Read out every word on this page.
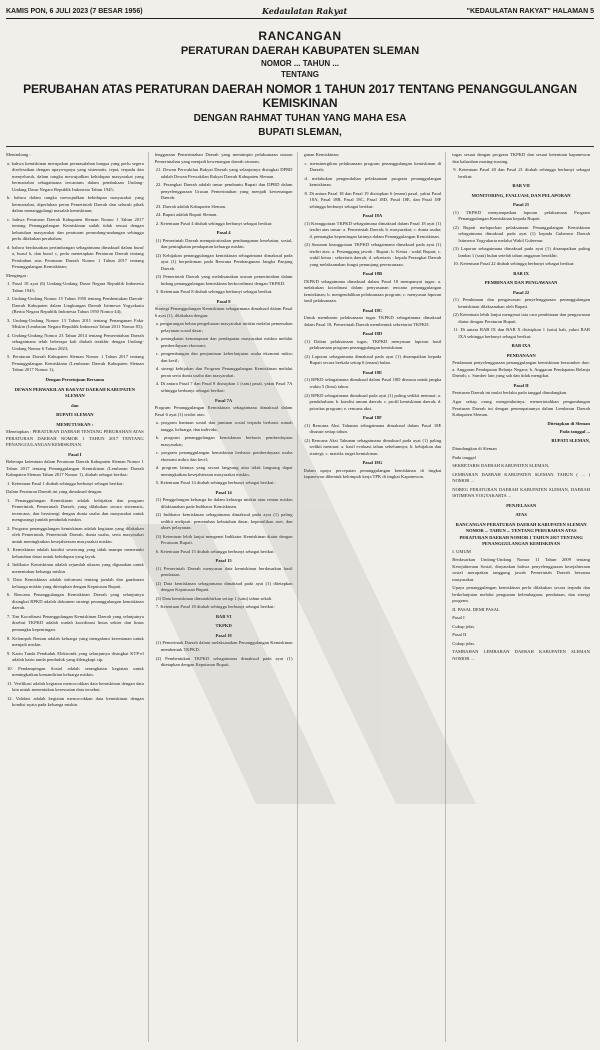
KAMIS PON, 6 JULI 2023 (7 BESAR 1956)	Kedaulatan Rakyat	"KEDAULATAN RAKYAT" HALAMAN 5
RANCANGAN
PERATURAN DAERAH KABUPATEN SLEMAN
NOMOR ... TAHUN ...
TENTANG
PERUBAHAN ATAS PERATURAN DAERAH NOMOR 1 TAHUN 2017 TENTANG PENANGGULANGAN KEMISKINAN
DENGAN RAHMAT TUHAN YANG MAHA ESA
BUPATI SLEMAN,

Menimbang :

a. bahwa kemiskinan merupakan permasalahan bangsa yang perlu segera diselesaikan dengan upaya-upaya yang sistematis, tepat, terpadu dan menyeluruh, dalam rangka mewujudkan kehidupan masyarakat yang bermartabat sebagaimana tercantum dalam pembukaan Undang-Undang Dasar Negara Republik Indonesia Tahun 1945;

b. bahwa dalam rangka mewujudkan kehidupan masyarakat yang bermartabat, diperlukan peran Pemerintah Daerah dan seluruh pihak dalam menanggulangi masalah kemiskinan;

c. bahwa Peraturan Daerah Kabupaten Sleman Nomor 1 Tahun 2017 tentang Penanggulangan Kemiskinan sudah tidak sesuai dengan kebutuhan masyarakat dan peraturan perundang-undangan sehingga perlu dilakukan perubahan;

d. bahwa berdasarkan pertimbangan sebagaimana dimaksud dalam huruf a, huruf b, dan huruf c, perlu menetapkan Peraturan Daerah tentang Perubahan atas Peraturan Daerah Nomor 1 Tahun 2017 tentang Penanggulangan Kemiskinan;

Mengingat :

1. Pasal 18 ayat (6) Undang-Undang Dasar Negara Republik Indonesia Tahun 1945;

2. Undang-Undang Nomor 15 Tahun 1950 tentang Pembentukan Daerah-Daerah Kabupaten dalam Lingkungan Daerah Istimewa Yogyakarta (Berita Negara Republik Indonesia Tahun 1950 Nomor 44);

3. Undang-Undang Nomor 13 Tahun 2011 tentang Penanganan Fakir Miskin (Lembaran Negara Republik Indonesia Tahun 2011 Nomor 83);

4. Undang-Undang Nomor 23 Tahun 2014 tentang Pemerintahan Daerah sebagaimana telah beberapa kali diubah terakhir dengan Undang-Undang Nomor 6 Tahun 2023;

5. Peraturan Daerah Kabupaten Sleman Nomor 1 Tahun 2017 tentang Penanggulangan Kemiskinan (Lembaran Daerah Kabupaten Sleman Tahun 2017 Nomor 1);

Dengan Persetujuan Bersama

DEWAN PERWAKILAN RAKYAT DAERAH KABUPATEN SLEMAN

dan

BUPATI SLEMAN

MEMUTUSKAN :

Menetapkan : PERATURAN DAERAH TENTANG PERUBAHAN ATAS PERATURAN DAERAH NOMOR 1 TAHUN 2017 TENTANG PENANGGULANGAN KEMISKINAN.

Pasal I

Beberapa ketentuan dalam Peraturan Daerah Kabupaten Sleman Nomor 1 Tahun 2017 tentang Penanggulangan Kemiskinan (Lembaran Daerah Kabupaten Sleman Tahun 2017 Nomor 1), diubah sebagai berikut:

1. Ketentuan Pasal 1 diubah sehingga berbunyi sebagai berikut:

Dalam Peraturan Daerah ini yang dimaksud dengan:

1. Penanggulangan Kemiskinan adalah kebijakan dan program Pemerintah, Pemerintah Daerah, yang dilakukan secara sistematis, terencana, dan bersinergi dengan dunia usaha dan masyarakat untuk mengurangi jumlah penduduk miskin.

2. Program penanggulangan kemiskinan adalah kegiatan yang dilakukan oleh Pemerintah, Pemerintah Daerah, dunia usaha, serta masyarakat untuk meningkatkan kesejahteraan masyarakat miskin.

3. Kemiskinan adalah kondisi seseorang yang tidak mampu memenuhi kebutuhan dasar untuk kehidupan yang layak.

4. Indikator Kemiskinan adalah sejumlah ukuran yang digunakan untuk menentukan keluarga miskin.

5. Data Kemiskinan adalah informasi tentang jumlah dan gambaran keluarga miskin yang ditetapkan dengan Keputusan Bupati.

6. Rencana Penanggulangan Kemiskinan Daerah yang selanjutnya disingkat RPKD adalah dokumen strategi penanggulangan kemiskinan daerah.

7. Tim Koordinasi Penanggulangan Kemiskinan Daerah yang selanjutnya disebut TKPKD adalah wadah koordinasi lintas sektor dan lintas pemangku kepentingan.

8. Kelompok Rentan adalah keluarga yang mengalami kerentanan untuk menjadi miskin.

9. Kartu Tanda Penduduk Elektronik yang selanjutnya disingkat KTP-el adalah kartu tanda penduduk yang dilengkapi cip.

10. Pendampingan Sosial adalah serangkaian kegiatan untuk meningkatkan kemandirian keluarga miskin.

11. Verifikasi adalah kegiatan mencocokkan data kemiskinan dengan data lain untuk menentukan kesesuaian data tersebut.

12. Validasi adalah kegiatan mencocokkan data kemiskinan dengan kondisi nyata pada keluarga miskin.

lenggaraan Pemerintahan Daerah yang memimpin pelaksanaan urusan Pemerintahan yang menjadi kewenangan daerah otonom.

21. Dewan Perwakilan Rakyat Daerah yang selanjutnya disingkat DPRD adalah Dewan Perwakilan Rakyat Daerah Kabupaten Sleman.

22. Perangkat Daerah adalah unsur pembantu Bupati dan DPRD dalam penyelenggaraan Urusan Pemerintahan yang menjadi kewenangan Daerah.

23. Daerah adalah Kabupaten Sleman.

24. Bupati adalah Bupati Sleman.

2. Ketentuan Pasal 4 diubah sehingga berbunyi sebagai berikut:

Pasal 4

(1) Pemerintah Daerah memprioritaskan pembangunan kesehatan, sosial, dan peningkatan pendapatan keluarga miskin.

(2) Kebijakan penanggulangan kemiskinan sebagaimana dimaksud pada ayat (1) berpedoman pada Rencana Pembangunan Jangka Panjang Daerah.

(3) Pemerintah Daerah yang melaksanakan urusan pemerintahan dalam bidang penanggulangan kemiskinan berkoordinasi dengan TKPKD.

3. Ketentuan Pasal 8 diubah sehingga berbunyi sebagai berikut:

Pasal 8

Strategi Penanggulangan Kemiskinan sebagaimana dimaksud dalam Pasal 6 ayat (1), dilakukan dengan:

a. pengurangan beban pengeluaran masyarakat miskin melalui pemenuhan pelayanan sosial dasar;

b. peningkatan kemampuan dan pendapatan masyarakat miskin melalui pemberdayaan ekonomi;

c. pengembangan dan penjaminan keberlanjutan usaha ekonomi mikro dan kecil;

d. sinergi kebijakan dan Program Penanggulangan Kemiskinan melalui peran serta dunia usaha dan masyarakat.

4. Di antara Pasal 7 dan Pasal 8 disisipkan 1 (satu) pasal, yakni Pasal 7A sehingga berbunyi sebagai berikut:

Pasal 7A

Program Penanggulangan Kemiskinan sebagaimana dimaksud dalam Pasal 6 ayat (1) terdiri atas:

a. program bantuan sosial dan jaminan sosial terpadu berbasis rumah tangga, keluarga, dan individu;

b. program penanggulangan kemiskinan berbasis pemberdayaan masyarakat;

c. program penanggulangan kemiskinan berbasis pemberdayaan usaha ekonomi mikro dan kecil;

d. program lainnya yang secara langsung atau tidak langsung dapat meningkatkan kesejahteraan masyarakat miskin.

5. Ketentuan Pasal 14 diubah sehingga berbunyi sebagai berikut:

Pasal 14

(1) Penggolongan keluarga ke dalam keluarga miskin atau rentan miskin dilaksanakan pada Indikator Kemiskinan.

(2) Indikator kemiskinan sebagaimana dimaksud pada ayat (1) paling sedikit meliputi: pemenuhan kebutuhan dasar, kepemilikan aset, dan akses pelayanan.

(3) Ketentuan lebih lanjut mengenai Indikator Kemiskinan diatur dengan Peraturan Bupati.

6. Ketentuan Pasal 15 diubah sehingga berbunyi sebagai berikut:

Pasal 15

(1) Pemerintah Daerah menyusun data kemiskinan berdasarkan hasil pendataan.

(2) Data kemiskinan sebagaimana dimaksud pada ayat (1) ditetapkan dengan Keputusan Bupati.

(3) Data kemiskinan dimutakhirkan setiap 1 (satu) tahun sekali.

7. Ketentuan Pasal 18 diubah sehingga berbunyi sebagai berikut:

BAB VI

TKPKD

Pasal 18

(1) Pemerintah Daerah dalam melaksanakan Penanggulangan Kemiskinan membentuk TKPKD.

(2) Pembentukan TKPKD sebagaimana dimaksud pada ayat (1) ditetapkan dengan Keputusan Bupati.

ganan Kemiskinan;

c. mensinergikan pelaksanaan program penanggulangan kemiskinan di Daerah;

d. melakukan pengendalian pelaksanaan program penanggulangan kemiskinan.

8. Di antara Pasal 18 dan Pasal 19 disisipkan 6 (enam) pasal, yakni Pasal 18A, Pasal 18B, Pasal 18C, Pasal 18D, Pasal 18E, dan Pasal 18F sehingga berbunyi sebagai berikut:

Pasal 18A

(1) Keanggotaan TKPKD sebagaimana dimaksud dalam Pasal 18 ayat (1) terdiri atas unsur: a. Pemerintah Daerah; b. masyarakat; c. dunia usaha; d. pemangku kepentingan lainnya dalam Penanggulangan Kemiskinan.

(2) Susunan keanggotaan TKPKD sebagaimana dimaksud pada ayat (1) terdiri atas: a. Penanggung jawab : Bupati; b. Ketua : wakil Bupati; c. wakil ketua : sekretaris daerah; d. sekretaris : kepala Perangkat Daerah yang melaksanakan fungsi penunjang perencanaan.

Pasal 18B

TKPKD sebagaimana dimaksud dalam Pasal 18 mempunyai tugas: a. melakukan koordinasi dalam penyusunan rencana penanggulangan kemiskinan; b. mengendalikan pelaksanaan program; c. menyusun laporan hasil pelaksanaan.

Pasal 18C

Untuk membantu pelaksanaan tugas TKPKD sebagaimana dimaksud dalam Pasal 18, Pemerintah Daerah membentuk sekretariat TKPKD.

Pasal 18D

(1) Dalam pelaksanaan tugas, TKPKD menyusun laporan hasil pelaksanaan program penanggulangan kemiskinan.

(2) Laporan sebagaimana dimaksud pada ayat (1) disampaikan kepada Bupati secara berkala setiap 6 (enam) bulan.

Pasal 18E

(1) RPKD sebagaimana dimaksud dalam Pasal 18D disusun untuk jangka waktu 5 (lima) tahun.

(2) RPKD sebagaimana dimaksud pada ayat (1) paling sedikit memuat: a. pendahuluan; b. kondisi umum daerah; c. profil kemiskinan daerah; d. prioritas program; e. rencana aksi.

Pasal 18F

(1) Rencana Aksi Tahunan sebagaimana dimaksud dalam Pasal 18E disusun setiap tahun.

(2) Rencana Aksi Tahunan sebagaimana dimaksud pada ayat (1) paling sedikit memuat: a. hasil evaluasi tahun sebelumnya; b. kebijakan dan strategi; c. matriks target kemiskinan.

Pasal 18G

Dalam upaya percepatan penanggulangan kemiskinan di tingkat kapanewon dibentuk kelompok kerja TPK di tingkat Kapanewon.

tugas sesuai dengan program TKPKD dan sesuai ketentuan kapanewon dan kalurahan masing-masing.

9. Ketentuan Pasal 20 dan Pasal 21 diubah sehingga berbunyi sebagai berikut:

BAB VII

MONITORING, EVALUASI, DAN PELAPORAN

Pasal 21

(1) TKPKD menyampaikan laporan pelaksanaan Program Penanggulangan Kemiskinan kepada Bupati.

(2) Bupati melaporkan pelaksanaan Penanggulangan Kemiskinan sebagaimana dimaksud pada ayat (1) kepada Gubernur Daerah Istimewa Yogyakarta melalui Wakil Gubernur.

(3) Laporan sebagaimana dimaksud pada ayat (1) disampaikan paling lambat 1 (satu) bulan setelah tahun anggaran berakhir.

10. Ketentuan Pasal 22 diubah sehingga berbunyi sebagai berikut:

BAB IX

PEMBINAAN DAN PENGAWASAN

Pasal 22

(1) Pembinaan dan pengawasan penyelenggaraan penanggulangan kemiskinan dilaksanakan oleh Bupati.

(2) Ketentuan lebih lanjut mengenai tata cara pembinaan dan pengawasan diatur dengan Peraturan Bupati.

11. Di antara BAB IX dan BAB X disisipkan 1 (satu) bab, yakni BAB IXA sehingga berbunyi sebagai berikut:

BAB IXA

PENDANAAN

Pendanaan penyelenggaraan penanggulangan kemiskinan bersumber dari: a. Anggaran Pendapatan Belanja Negara; b. Anggaran Pendapatan Belanja Daerah; c. Sumber lain yang sah dan tidak mengikat.

Pasal II

Peraturan Daerah ini mulai berlaku pada tanggal diundangkan.

Agar setiap orang mengetahuinya, memerintahkan pengundangan Peraturan Daerah ini dengan penempatannya dalam Lembaran Daerah Kabupaten Sleman.

Ditetapkan di Sleman

Pada tanggal ...

BUPATI SLEMAN,

Diundangkan di Sleman

Pada tanggal

SEKRETARIS DAERAH KABUPATEN SLEMAN,

LEMBARAN DAERAH KABUPATEN SLEMAN TAHUN ( ... ) NOMOR ...

NOREG PERATURAN DAERAH KABUPATEN SLEMAN, DAERAH ISTIMEWA YOGYAKARTA ...

PENJELASAN

ATAS

RANCANGAN PERATURAN DAERAH KABUPATEN SLEMAN NOMOR ... TAHUN ... TENTANG PERUBAHAN ATAS PERATURAN DAERAH NOMOR 1 TAHUN 2017 TENTANG PENANGGULANGAN KEMISKINAN

I. UMUM

Berdasarkan Undang-Undang Nomor 11 Tahun 2009 tentang Kesejahteraan Sosial, dinyatakan bahwa penyelenggaraan kesejahteraan sosial merupakan tanggung jawab Pemerintah Daerah bersama masyarakat.

Upaya penanggulangan kemiskinan perlu dilakukan secara terpadu dan berkelanjutan melalui penguatan kelembagaan, pendataan, dan sinergi program.

II. PASAL DEMI PASAL

Pasal I

Cukup jelas.

Pasal II

Cukup jelas.

TAMBAHAN LEMBARAN DAERAH KABUPATEN SLEMAN NOMOR ...
